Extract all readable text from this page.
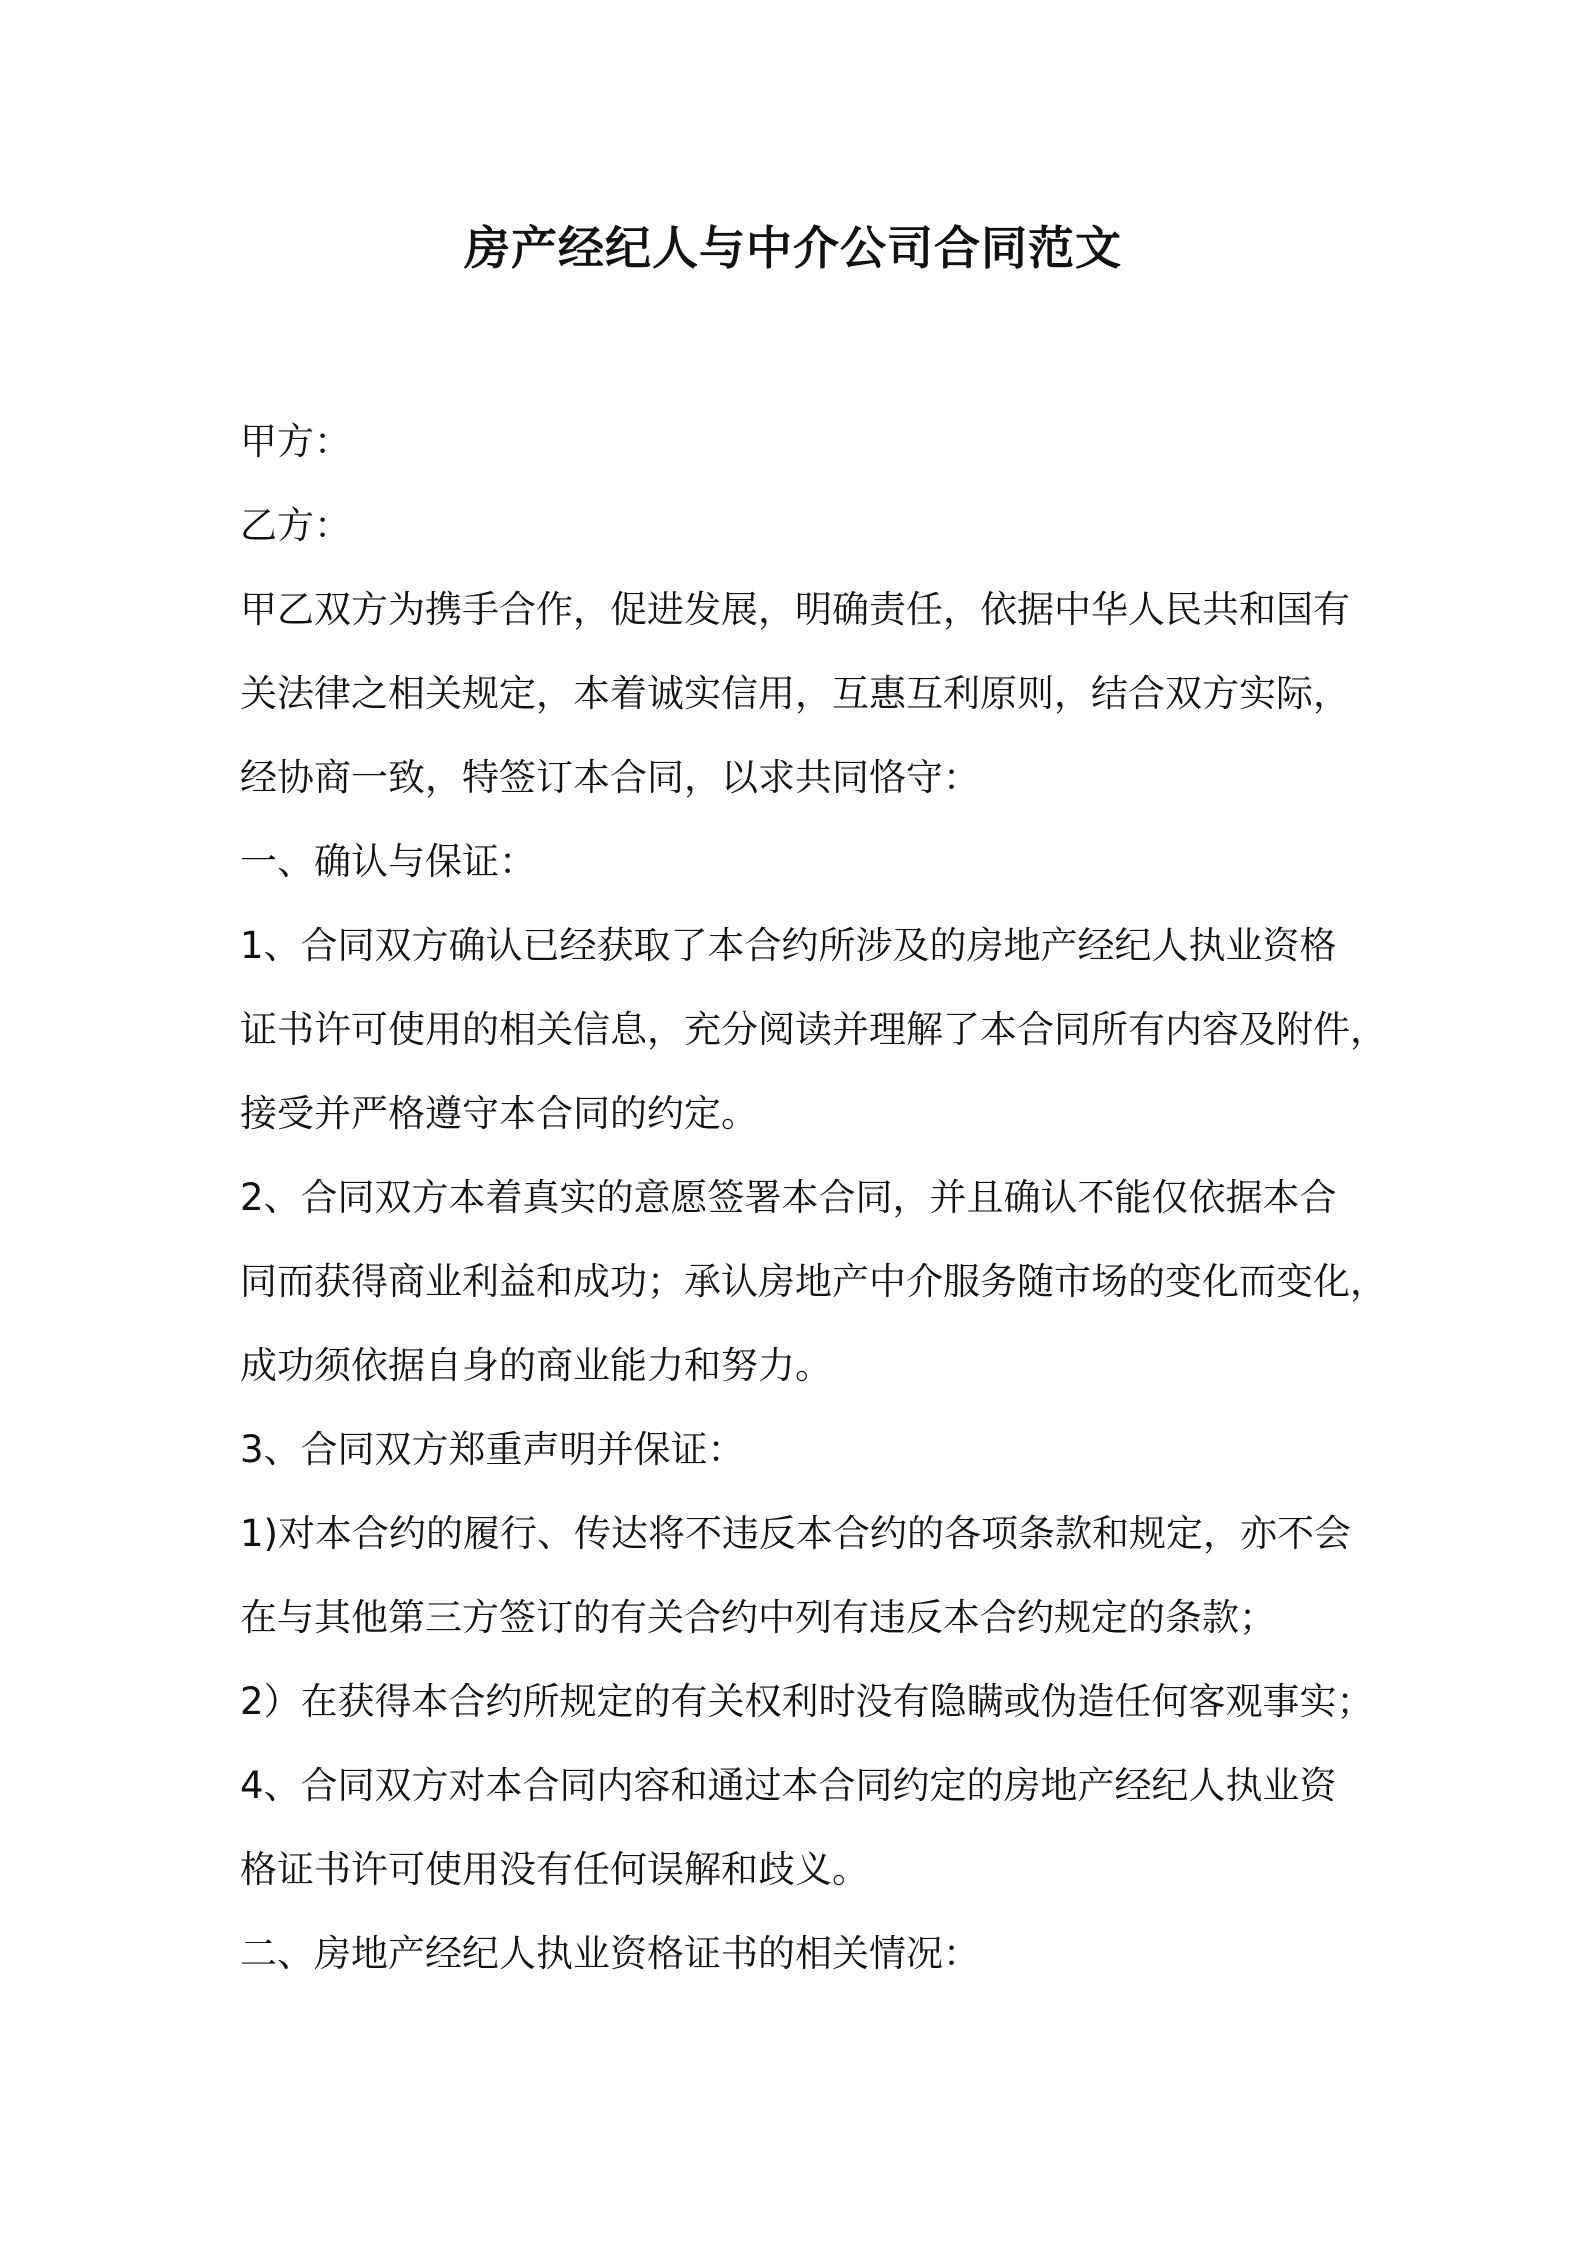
房产经纪人与中介公司合同范文

甲方：

乙方：

甲乙双方为携手合作，促进发展，明确责任，依据中华人民共和国有

关法律之相关规定，本着诚实信用，互惠互利原则，结合双方实际，

经协商一致，特签订本合同，以求共同恪守：

一、确认与保证：

1、合同双方确认已经获取了本合约所涉及的房地产经纪人执业资格

证书许可使用的相关信息，充分阅读并理解了本合同所有内容及附件，

接受并严格遵守本合同的约定。

2、合同双方本着真实的意愿签署本合同，并且确认不能仅依据本合

同而获得商业利益和成功；承认房地产中介服务随市场的变化而变化，

成功须依据自身的商业能力和努力。

3、合同双方郑重声明并保证：

1)对本合约的履行、传达将不违反本合约的各项条款和规定，亦不会

在与其他第三方签订的有关合约中列有违反本合约规定的条款；

2）在获得本合约所规定的有关权利时没有隐瞒或伪造任何客观事实；

4、合同双方对本合同内容和通过本合同约定的房地产经纪人执业资

格证书许可使用没有任何误解和歧义。

二、房地产经纪人执业资格证书的相关情况：
